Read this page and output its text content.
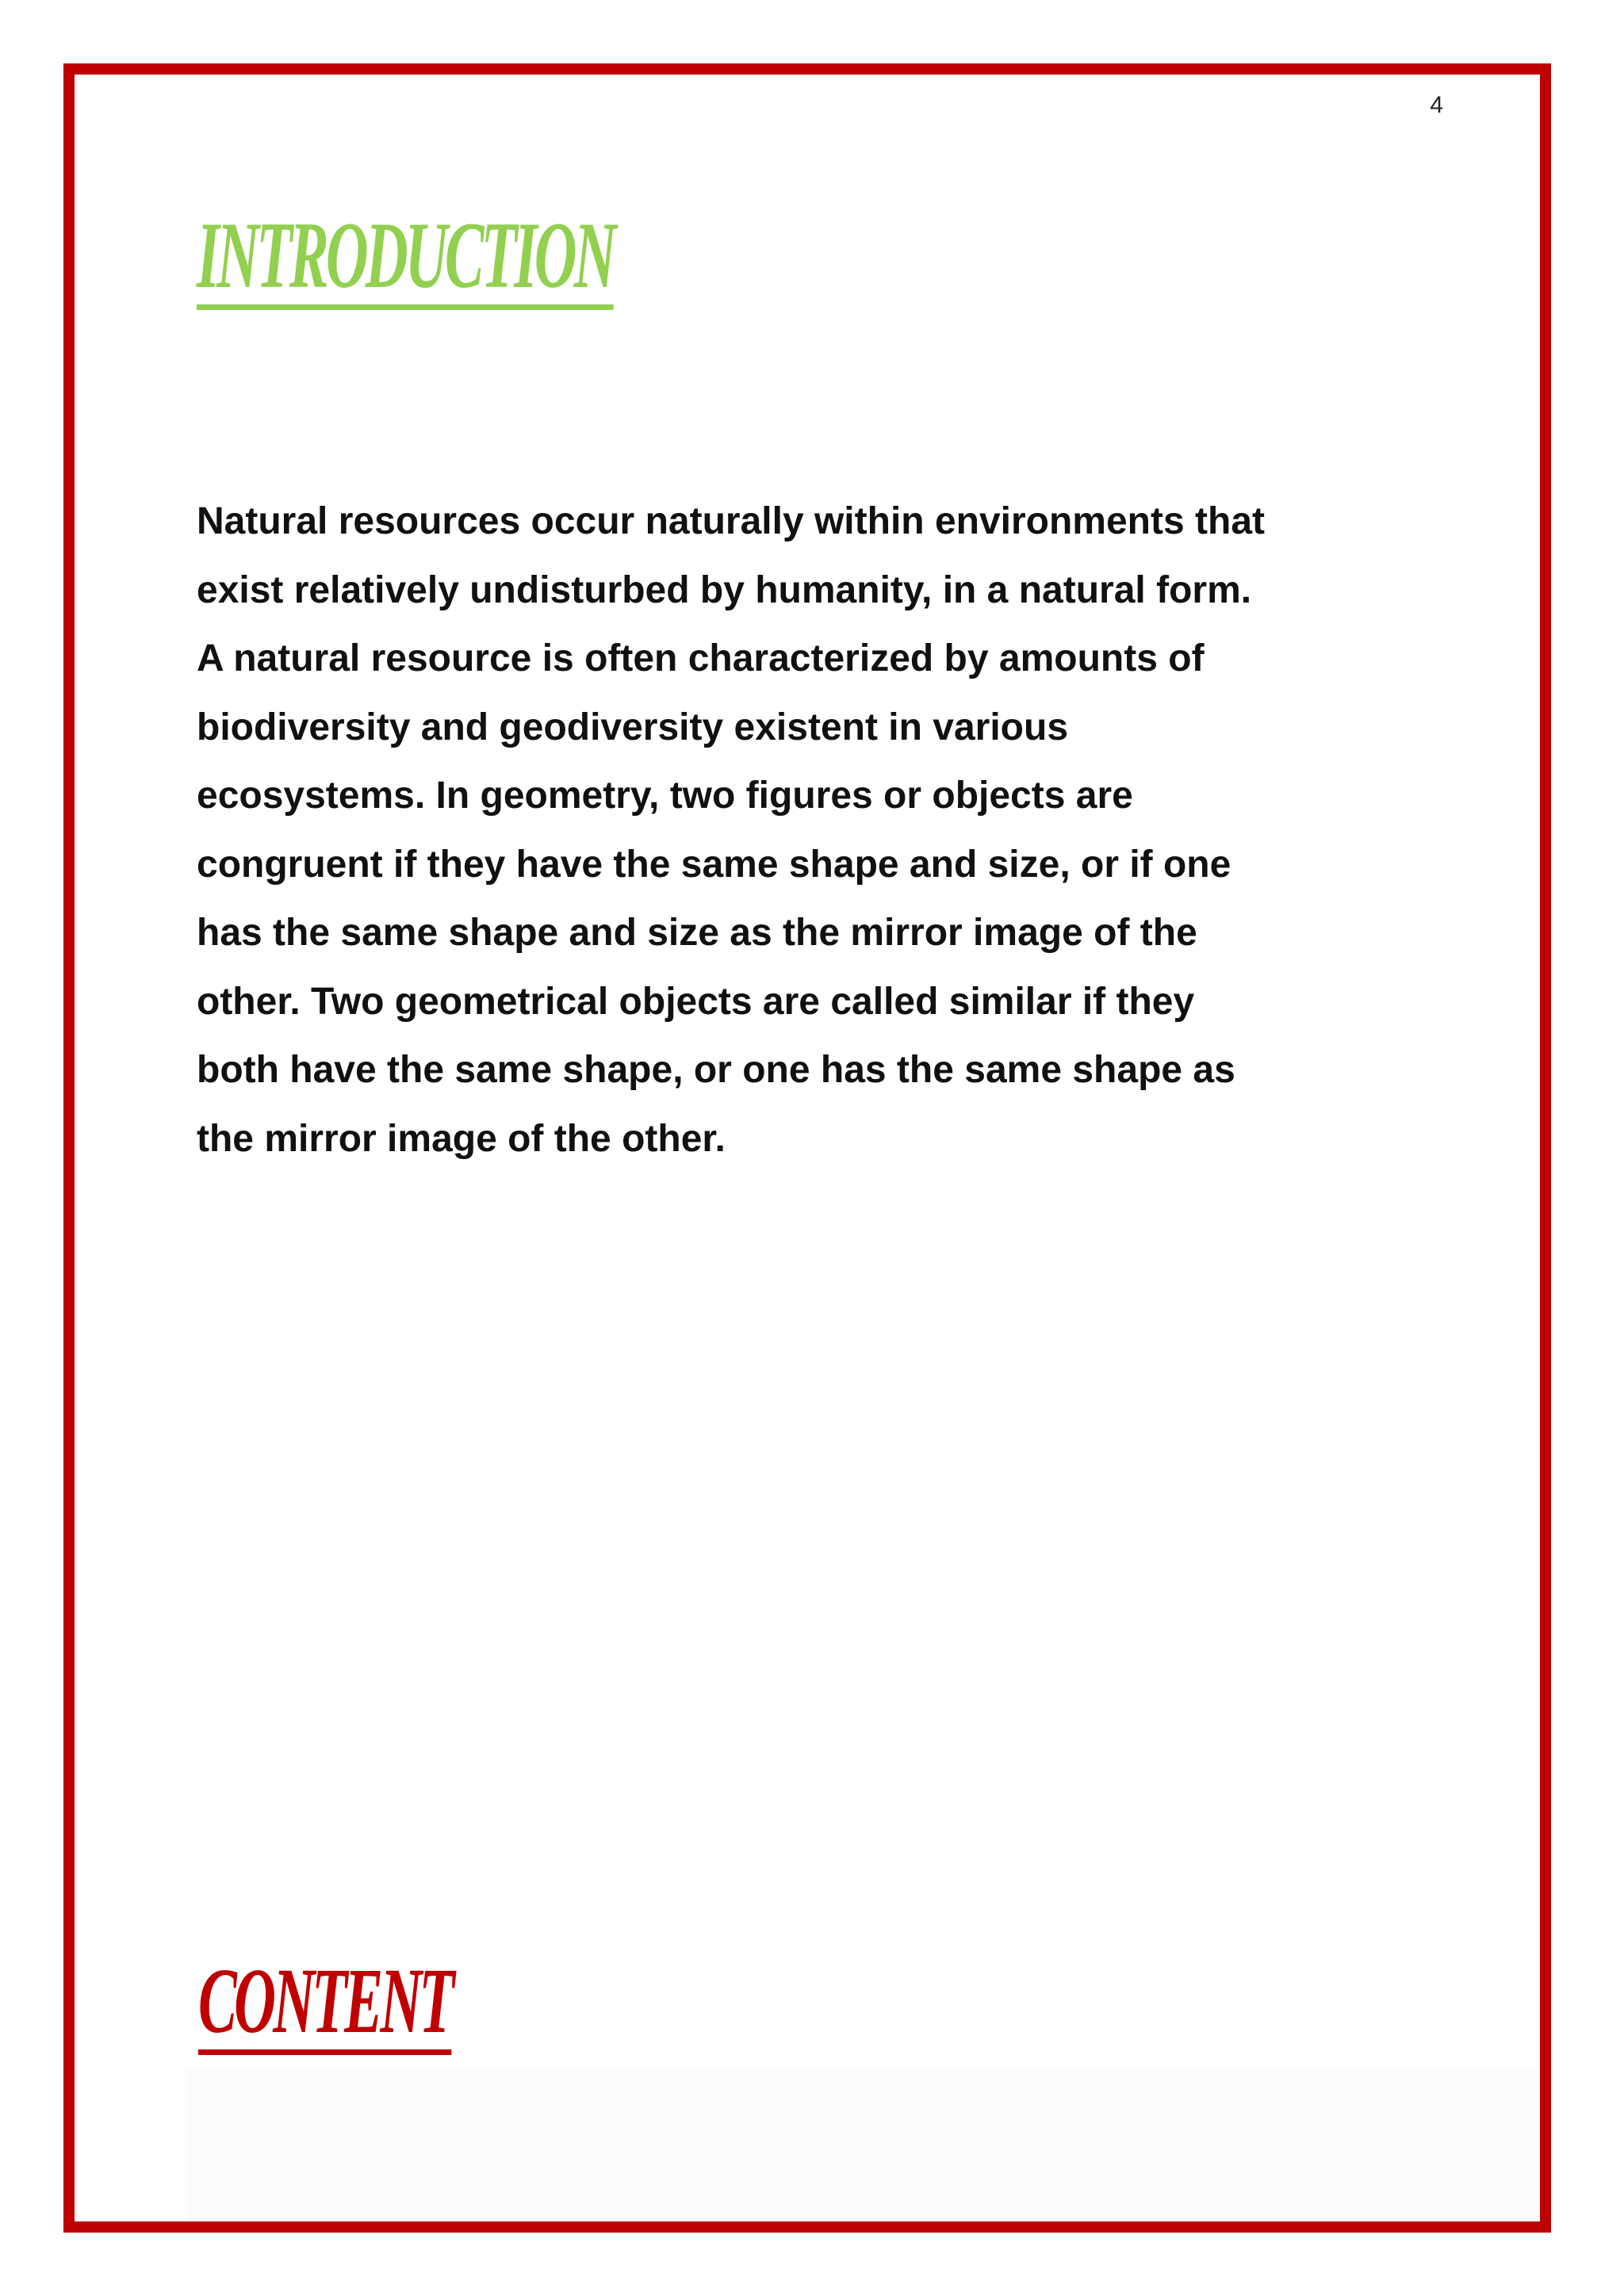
4
INTRODUCTION

Natural resources occur naturally within environments that
exist relatively undisturbed by humanity, in a natural form.
A natural resource is often characterized by amounts of
biodiversity and geodiversity existent in various
ecosystems. In geometry, two figures or objects are
congruent if they have the same shape and size, or if one
has the same shape and size as the mirror image of the
other. Two geometrical objects are called similar if they
both have the same shape, or one has the same shape as
the mirror image of the other.

CONTENT
